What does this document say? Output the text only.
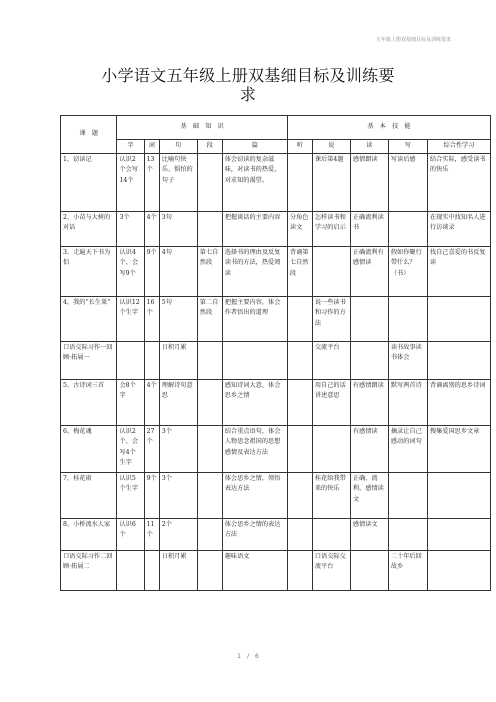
五年级上册双基细目标及训练要求
小学语文五年级上册双基细目标及训练要
求
课　题	基　础　知　识					基　本　技　能				
	字	词	句	段	篇	听	说	读	写	综合性学习
1、窃读记	认识2个会写14个	13个	比喻句快乐、惧怕的句子		体会窃读的复杂滋味，对读书的热爱，对求知的渴望。		课后第4题	感情朗读	写读后感	结合实际，感受读书的快乐
2、小苗与大树的对话	3个	4个	3句		把握谈话的主要内容	分角色读文	怎样读书和学习的启示	正确流利读书		在现实中找知名人进行访谈录
3、走遍天下书为侣	认识4个、会写9个	9个	4句	第七自然段	选择书的理由及反复读书的方法，热爱阅读	背诵第七自然段		正确流利有感情读	假如你聚行带什么？（书）	找自己喜爱的书反复读
4、我的“长生果”	认识12个生字	16个	5句	第二自然段	把握主要内容，体会作者悟出的道理		说一些读书和习作的方法			
口语交际习作一回顾·拓展一			日积月累				交流平台		读书故事读书体会	
5、古诗词三首	会8个字	4个	理解诗句意思		感知诗词大意，体会思乡之情		用自己的话讲述意思	有感情朗读	默写两首诗	背诵离别的思乡诗词
6、梅花魂	认识2个、会写4个生字	27个	3个		结合重点语句，体会人物思念祖国的思想感情及表达方法			有感情读	摘录让自己感动的词句	搜集爱国思乡文章
7、桂花雨	认识5个生字	9个	3个		体会思乡之情，领悟表达方法		桂花给我带来的快乐	正确、流利、感情读文		
8、小桥流水人家	认识6个	11个	2个		体会思乡之情的表达方法			感情读文		
口语交际习作二回顾·拓展二			日积月累		趣味语文		口语交际交流平台		二十年后回故乡	
1　/　6
